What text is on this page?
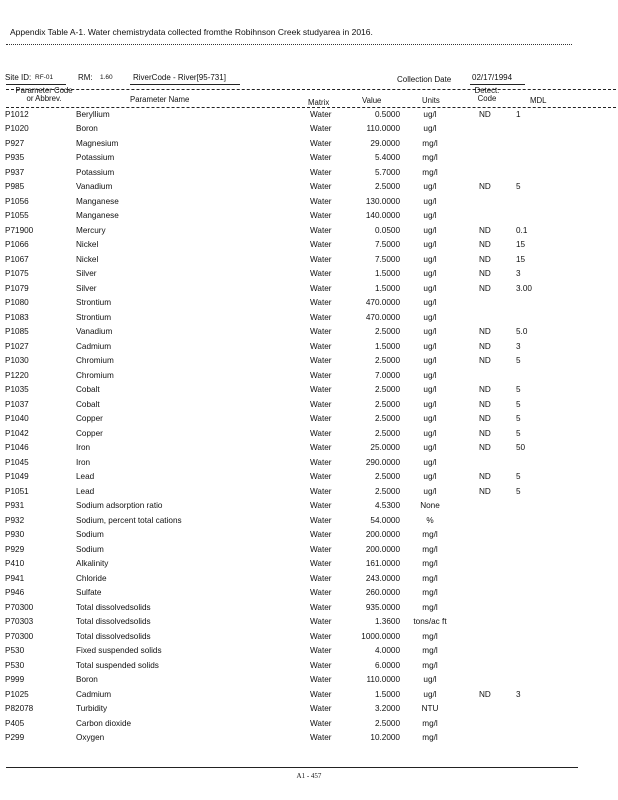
Appendix Table A-1. Water chemistrydata collected fromthe Robihnson Creek studyarea in 2016.
Site ID: RF-01	RM: 1.60	RiverCode - River[95-731]	Collection Date	02/17/1994
Parameter Code
or Abbrev.	Parameter Name	Matrix	Value	Units
Detect.
Code	MDL
P1012	Beryllium	Water	0.5000	ug/l	ND	1
P1020	Boron	Water	110.0000	ug/l
P927	Magnesium	Water	29.0000	mg/l
P935	Potassium	Water	5.4000	mg/l
P937	Potassium	Water	5.7000	mg/l
P985	Vanadium	Water	2.5000	ug/l	ND	5
P1056	Manganese	Water	130.0000	ug/l
P1055	Manganese	Water	140.0000	ug/l
P71900	Mercury	Water	0.0500	ug/l	ND	0.1
P1066	Nickel	Water	7.5000	ug/l	ND	15
P1067	Nickel	Water	7.5000	ug/l	ND	15
P1075	Silver	Water	1.5000	ug/l	ND	3
P1079	Silver	Water	1.5000	ug/l	ND	3.00
P1080	Strontium	Water	470.0000	ug/l
P1083	Strontium	Water	470.0000	ug/l
P1085	Vanadium	Water	2.5000	ug/l	ND	5.0
P1027	Cadmium	Water	1.5000	ug/l	ND	3
P1030	Chromium	Water	2.5000	ug/l	ND	5
P1220	Chromium	Water	7.0000	ug/l
P1035	Cobalt	Water	2.5000	ug/l	ND	5
P1037	Cobalt	Water	2.5000	ug/l	ND	5
P1040	Copper	Water	2.5000	ug/l	ND	5
P1042	Copper	Water	2.5000	ug/l	ND	5
P1046	Iron	Water	25.0000	ug/l	ND	50
P1045	Iron	Water	290.0000	ug/l
P1049	Lead	Water	2.5000	ug/l	ND	5
P1051	Lead	Water	2.5000	ug/l	ND	5
P931	Sodium adsorption ratio	Water	4.5300	None
P932	Sodium, percent total cations	Water	54.0000	%
P930	Sodium	Water	200.0000	mg/l
P929	Sodium	Water	200.0000	mg/l
P410	Alkalinity	Water	161.0000	mg/l
P941	Chloride	Water	243.0000	mg/l
P946	Sulfate	Water	260.0000	mg/l
P70300	Total dissolvedsolids	Water	935.0000	mg/l
P70303	Total dissolvedsolids	Water	1.3600	tons/ac ft
P70300	Total dissolvedsolids	Water	1000.0000	mg/l
P530	Fixed suspended solids	Water	4.0000	mg/l
P530	Total suspended solids	Water	6.0000	mg/l
P999	Boron	Water	110.0000	ug/l
P1025	Cadmium	Water	1.5000	ug/l	ND	3
P82078	Turbidity	Water	3.2000	NTU
P405	Carbon dioxide	Water	2.5000	mg/l
P299	Oxygen	Water	10.2000	mg/l
A1 - 457
